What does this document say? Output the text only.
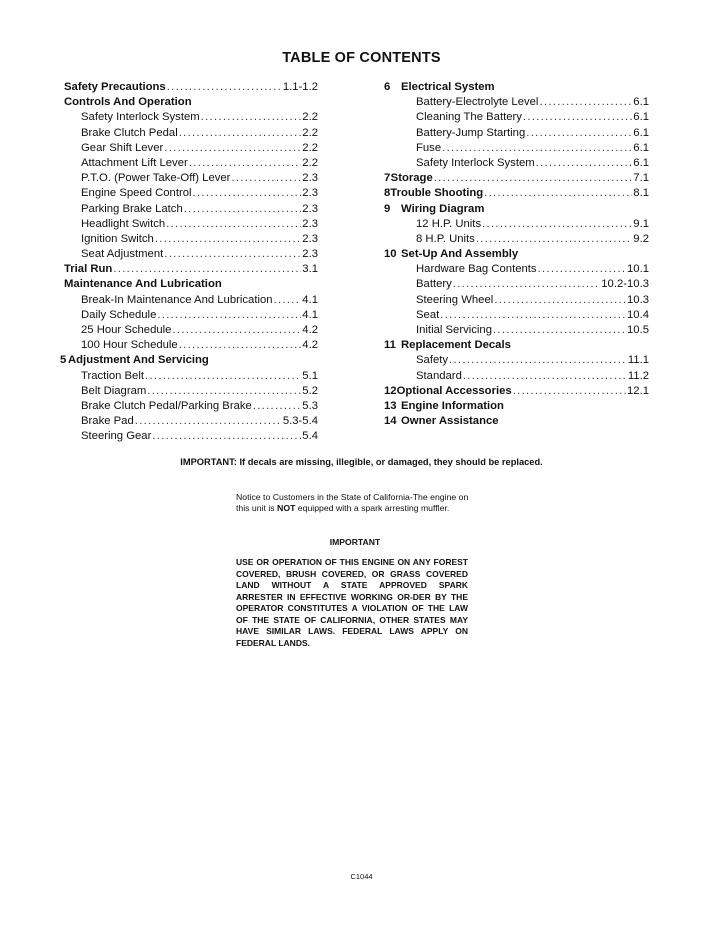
TABLE OF CONTENTS
Safety Precautions .....	1.1-1.2
Controls And Operation
Safety Interlock System .....	2.2
Brake Clutch Pedal .....	2.2
Gear Shift Lever .....	2.2
Attachment Lift Lever .....	2.2
P.T.O. (Power Take-Off) Lever .....	2.3
Engine Speed Control .....	2.3
Parking Brake Latch .....	2.3
Headlight Switch .....	2.3
Ignition Switch .....	2.3
Seat Adjustment .....	2.3
Trial Run .....	3.1
Maintenance And Lubrication
Break-In Maintenance And Lubrication .....	4.1
Daily Schedule .....	4.1
25 Hour Schedule .....	4.2
100 Hour Schedule .....	4.2
5 Adjustment And Servicing
Traction Belt .....	5.1
Belt Diagram .....	5.2
Brake Clutch Pedal/Parking Brake .....	5.3
Brake Pad .....	5.3-5.4
Steering Gear .....	5.4
6 Electrical System
Battery-Electrolyte Level .....	6.1
Cleaning The Battery .....	6.1
Battery-Jump Starting .....	6.1
Fuse .....	6.1
Safety Interlock System .....	6.1
7 Storage .....	7.1
8 Trouble Shooting .....	8.1
9 Wiring Diagram
12 H.P. Units .....	9.1
8 H.P. Units .....	9.2
10 Set-Up And Assembly
Hardware Bag Contents .....	10.1
Battery .....	10.2-10.3
Steering Wheel .....	10.3
Seat .....	10.4
Initial Servicing .....	10.5
11 Replacement Decals
Safety .....	11.1
Standard .....	11.2
12 Optional Accessories .....	12.1
13 Engine Information
14 Owner Assistance
IMPORTANT: If decals are missing, illegible, or damaged, they should be replaced.
Notice to Customers in the State of California-The engine on this unit is NOT equipped with a spark arresting muffler.
IMPORTANT
USE OR OPERATION OF THIS ENGINE ON ANY FOREST COVERED, BRUSH COVERED, OR GRASS COVERED LAND WITHOUT A STATE APPROVED SPARK ARRESTER IN EFFECTIVE WORKING OR-DER BY THE OPERATOR CONSTITUTES A VIOLATION OF THE LAW OF THE STATE OF CALIFORNIA, OTHER STATES MAY HAVE SIMILAR LAWS. FEDERAL LAWS APPLY ON FEDERAL LANDS.
C1044
